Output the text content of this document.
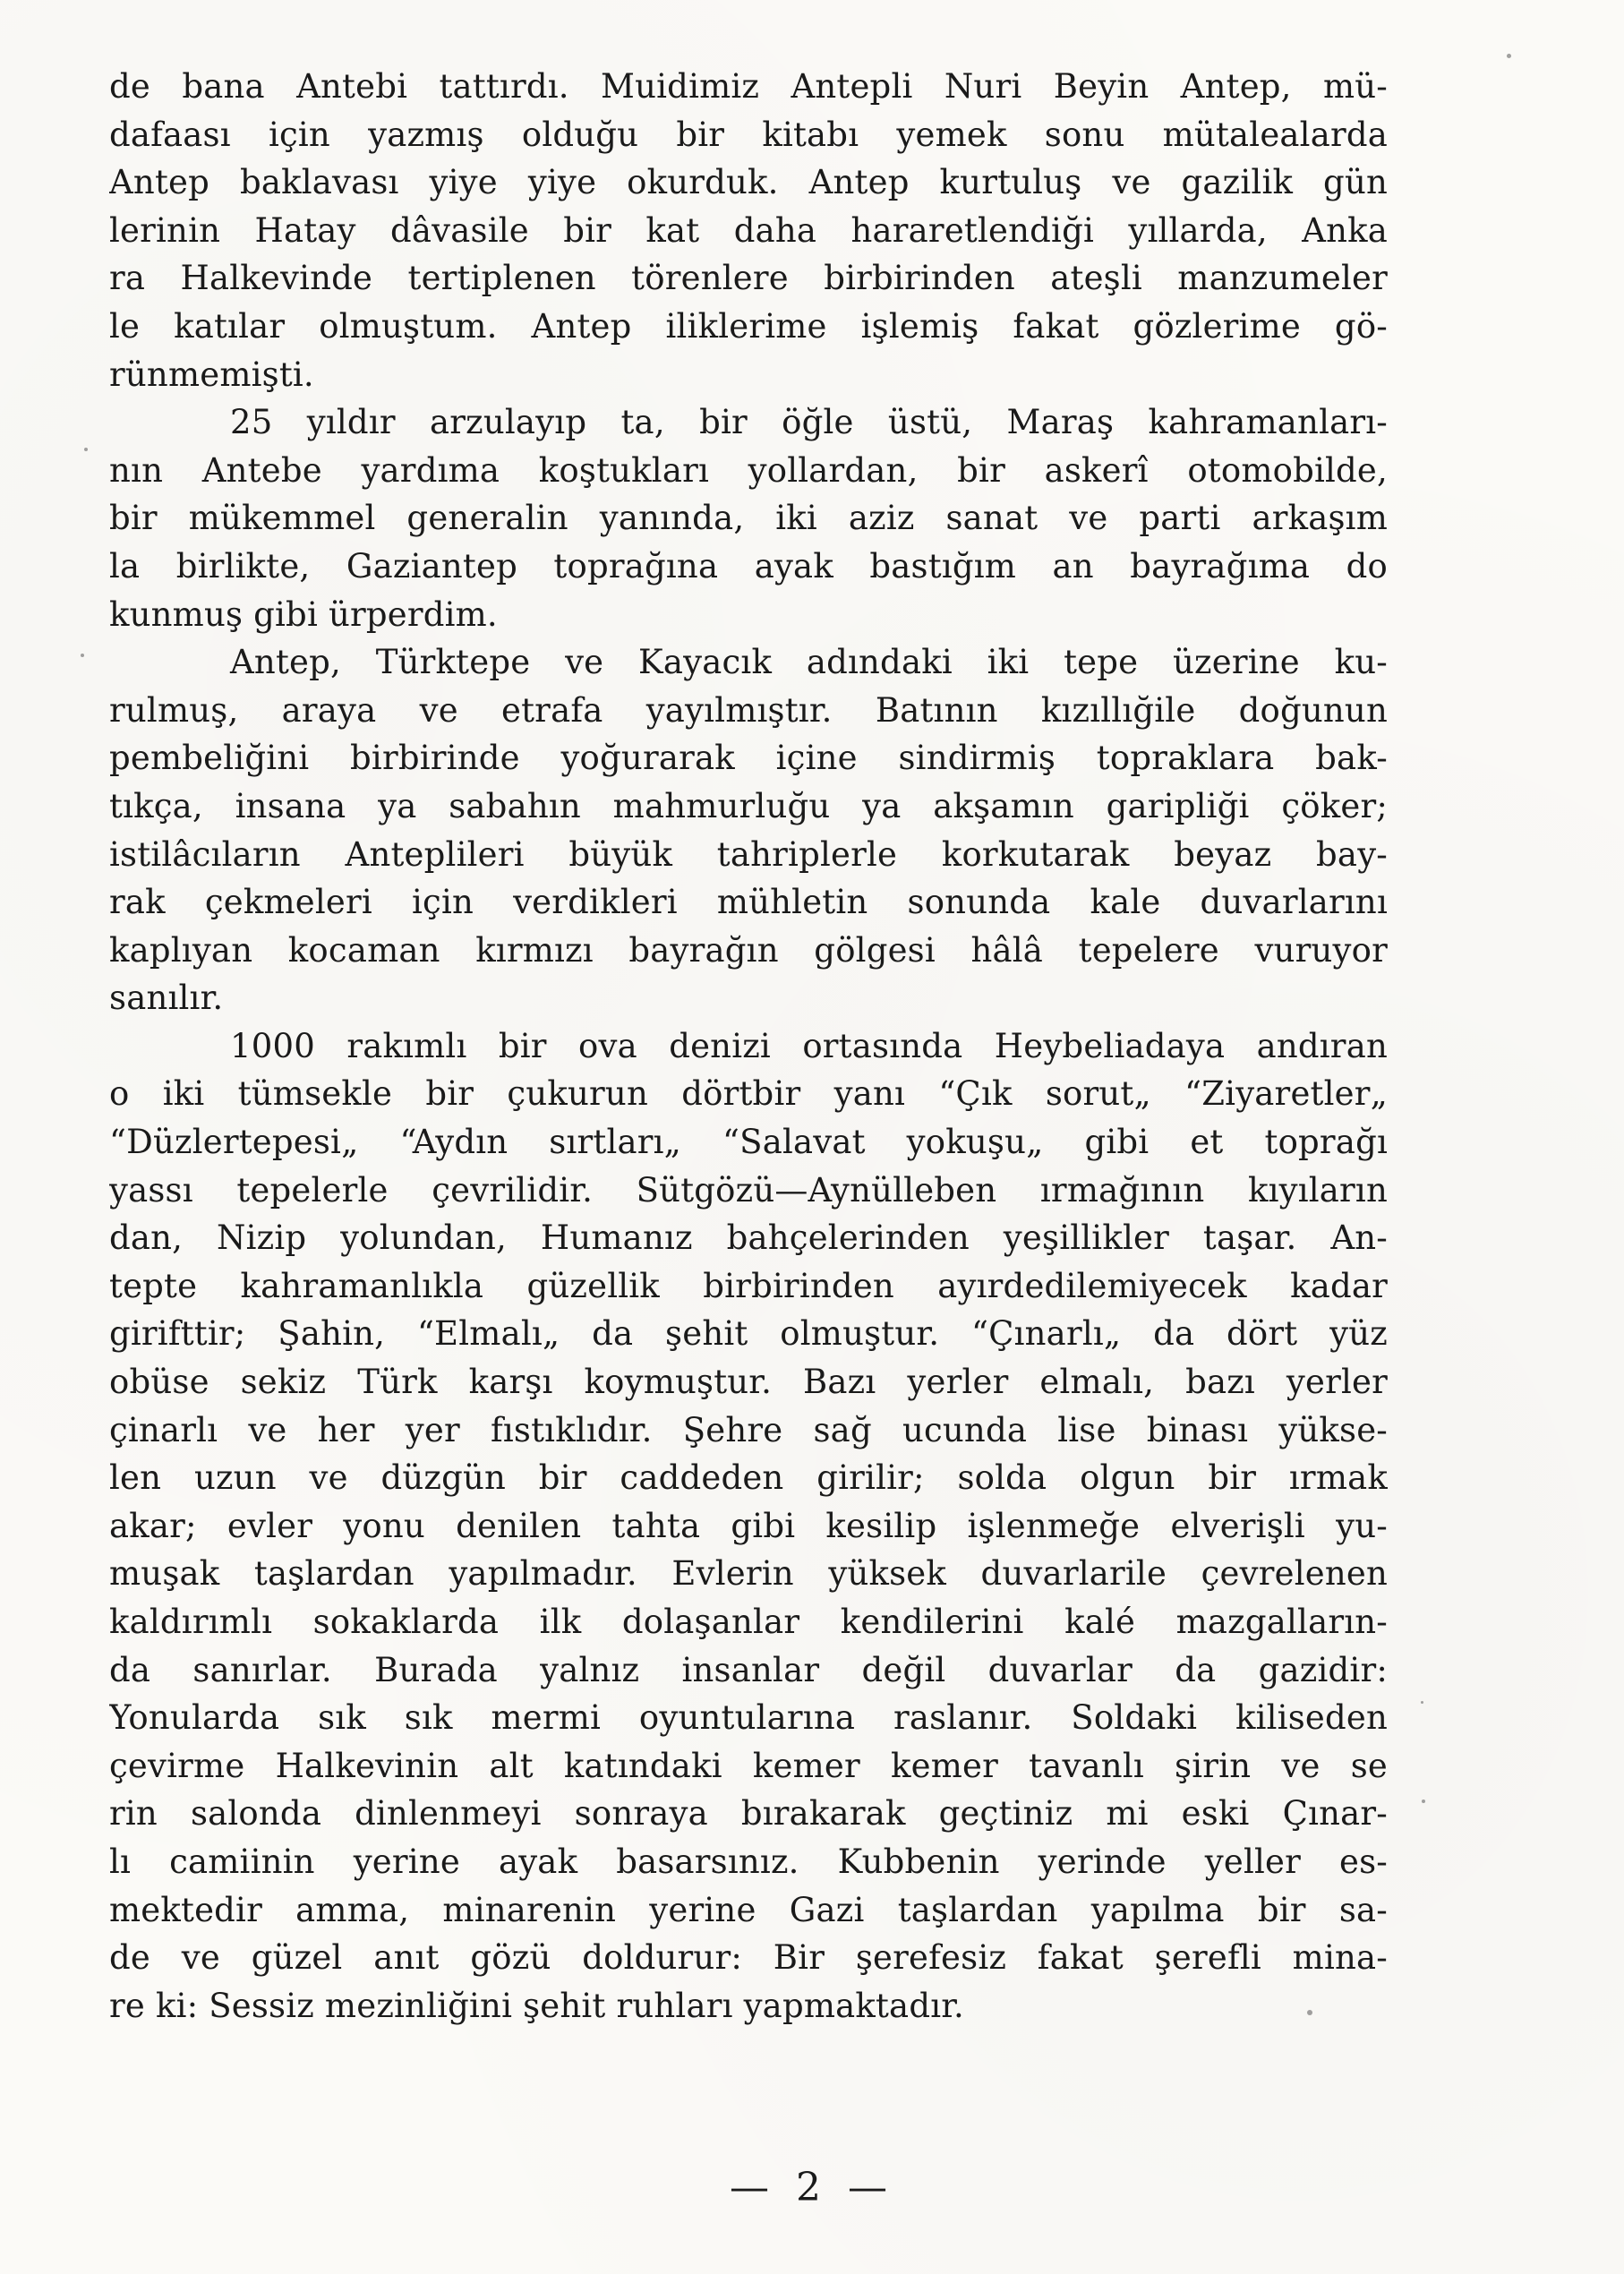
de bana Antebi tattırdı. Muidimiz Antepli Nuri Beyin Antep, mü-
dafaası için yazmış olduğu bir kitabı yemek sonu mütalealarda
Antep baklavası yiye yiye okurduk. Antep kurtuluş ve gazilik gün
lerinin Hatay dâvasile bir kat daha hararetlendiği yıllarda, Anka
ra Halkevinde tertiplenen törenlere birbirinden ateşli manzumeler
le katılar olmuştum. Antep iliklerime işlemiş fakat gözlerime gö-
rünmemişti.
25 yıldır arzulayıp ta, bir öğle üstü, Maraş kahramanları-
nın Antebe yardıma koştukları yollardan, bir askerî otomobilde,
bir mükemmel generalin yanında, iki aziz sanat ve parti arkaşım
la birlikte, Gaziantep toprağına ayak bastığım an bayrağıma do
kunmuş gibi ürperdim.
Antep, Türktepe ve Kayacık adındaki iki tepe üzerine ku-
rulmuş, araya ve etrafa yayılmıştır. Batının kızıllığile doğunun
pembeliğini birbirinde yoğurarak içine sindirmiş topraklara bak-
tıkça, insana ya sabahın mahmurluğu ya akşamın garipliği çöker;
istilâcıların Anteplileri büyük tahriplerle korkutarak beyaz bay-
rak çekmeleri için verdikleri mühletin sonunda kale duvarlarını
kaplıyan kocaman kırmızı bayrağın gölgesi hâlâ tepelere vuruyor
sanılır.
1000 rakımlı bir ova denizi ortasında Heybeliadaya andıran
o iki tümsekle bir çukurun dörtbir yanı “Çık sorut„ “Ziyaretler„
“Düzlertepesi„ “Aydın sırtları„ “Salavat yokuşu„ gibi et toprağı
yassı tepelerle çevrilidir. Sütgözü—Aynülleben ırmağının kıyıların
dan, Nizip yolundan, Humanız bahçelerinden yeşillikler taşar. An-
tepte kahramanlıkla güzellik birbirinden ayırdedilemiyecek kadar
girifttir; Şahin, “Elmalı„ da şehit olmuştur. “Çınarlı„ da dört yüz
obüse sekiz Türk karşı koymuştur. Bazı yerler elmalı, bazı yerler
çinarlı ve her yer fıstıklıdır. Şehre sağ ucunda lise binası yükse-
len uzun ve düzgün bir caddeden girilir; solda olgun bir ırmak
akar; evler yonu denilen tahta gibi kesilip işlenmeğe elverişli yu-
muşak taşlardan yapılmadır. Evlerin yüksek duvarlarile çevrelenen
kaldırımlı sokaklarda ilk dolaşanlar kendilerini kalé mazgalların-
da sanırlar. Burada yalnız insanlar değil duvarlar da gazidir:
Yonularda sık sık mermi oyuntularına raslanır. Soldaki kiliseden
çevirme Halkevinin alt katındaki kemer kemer tavanlı şirin ve se
rin salonda dinlenmeyi sonraya bırakarak geçtiniz mi eski Çınar-
lı camiinin yerine ayak basarsınız. Kubbenin yerinde yeller es-
mektedir amma, minarenin yerine Gazi taşlardan yapılma bir sa-
de ve güzel anıt gözü doldurur: Bir şerefesiz fakat şerefli mina-
re ki: Sessiz mezinliğini şehit ruhları yapmaktadır.
— 2 —
